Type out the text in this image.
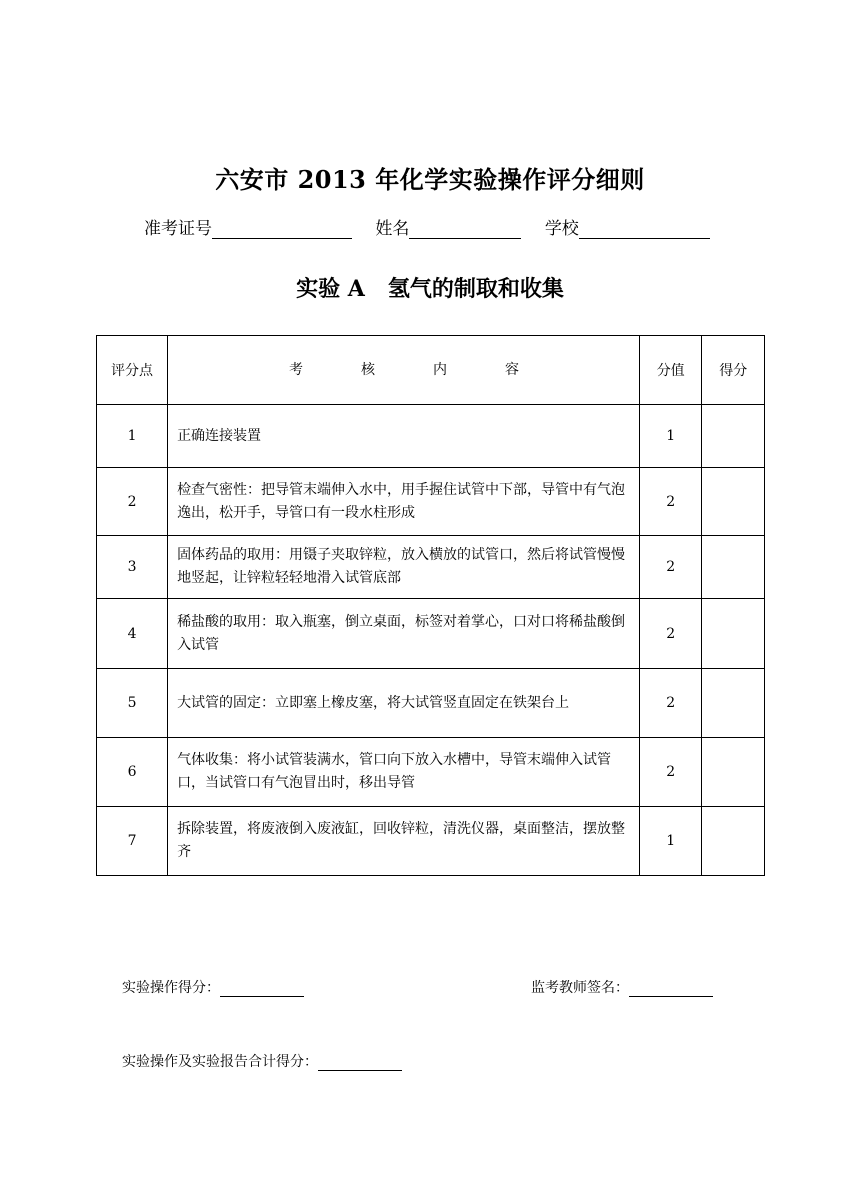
六安市 2013 年化学实验操作评分细则
准考证号	姓名	学校
实验 A   氢气的制取和收集
评分点	考 核 内 容	分值	得分
1	正确连接装置	1	
2	检查气密性：把导管末端伸入水中，用手握住试管中下部，导管中有气泡逸出，松开手，导管口有一段水柱形成	2	
3	固体药品的取用：用镊子夹取锌粒，放入横放的试管口，然后将试管慢慢地竖起，让锌粒轻轻地滑入试管底部	2	
4	稀盐酸的取用：取入瓶塞，倒立桌面，标签对着掌心，口对口将稀盐酸倒入试管	2	
5	大试管的固定：立即塞上橡皮塞，将大试管竖直固定在铁架台上	2	
6	气体收集：将小试管装满水，管口向下放入水槽中，导管末端伸入试管口，当试管口有气泡冒出时，移出导管	2	
7	拆除装置，将废液倒入废液缸，回收锌粒，清洗仪器，桌面整洁，摆放整齐	1	
实验操作得分：	监考教师签名：
实验操作及实验报告合计得分：
